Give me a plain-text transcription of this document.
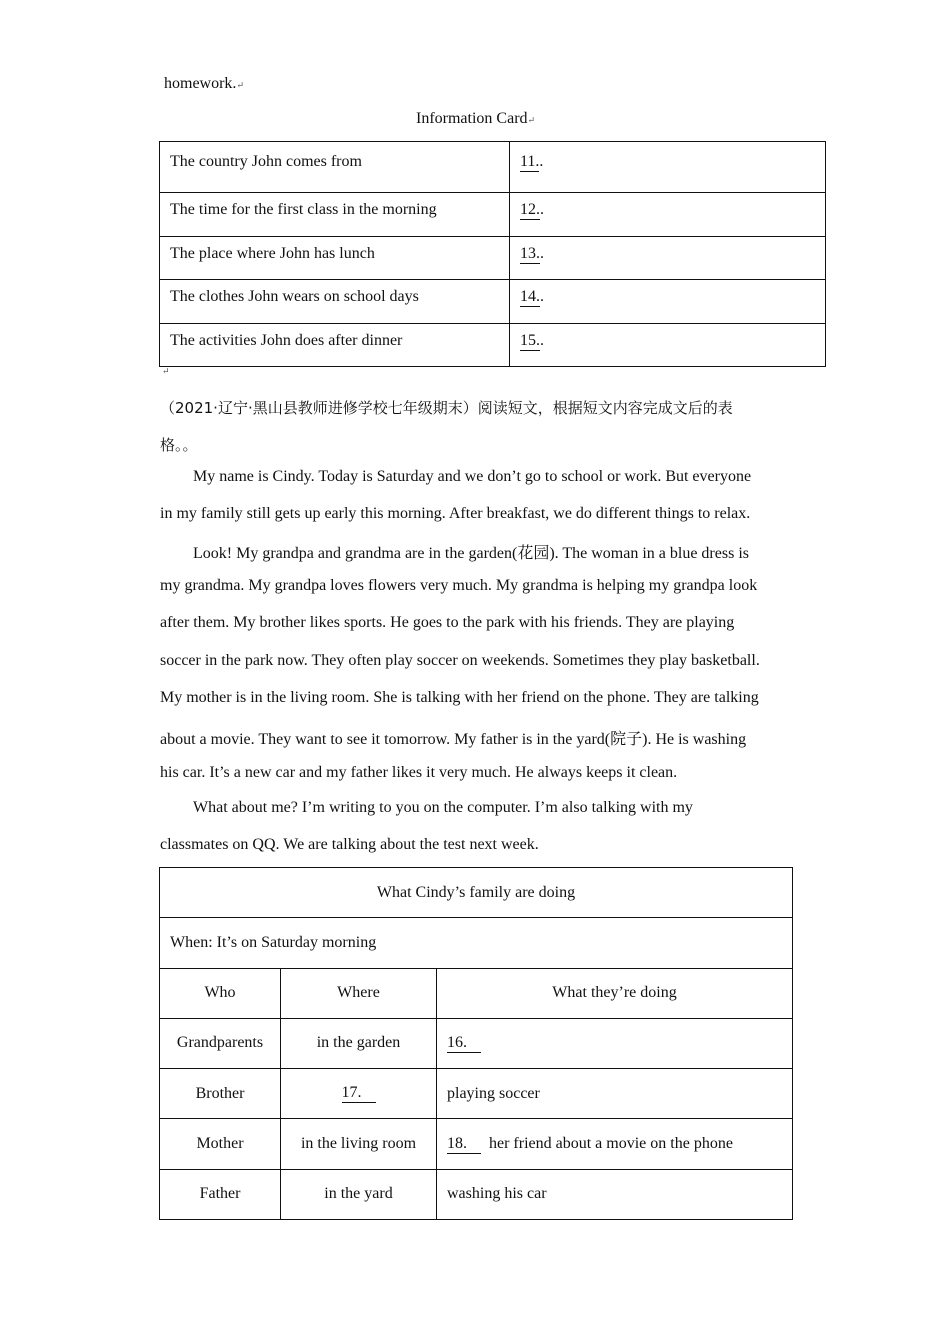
homework.↵
Information Card↵
The country John comes from	11..
The time for the first class in the morning	12..
The place where John has lunch	13..
The clothes John wears on school days	14..
The activities John does after dinner	15..
↵
（2021·辽宁·黑山县教师进修学校七年级期末）阅读短文，根据短文内容完成文后的表
格。。
My name is Cindy. Today is Saturday and we don’t go to school or work. But everyone
in my family still gets up early this morning. After breakfast, we do different things to relax.
Look! My grandpa and grandma are in the garden(花园). The woman in a blue dress is
my grandma. My grandpa loves flowers very much. My grandma is helping my grandpa look
after them. My brother likes sports. He goes to the park with his friends. They are playing
soccer in the park now. They often play soccer on weekends. Sometimes they play basketball.
My mother is in the living room. She is talking with her friend on the phone. They are talking
about a movie. They want to see it tomorrow. My father is in the yard(院子). He is washing
his car. It’s a new car and my father likes it very much. He always keeps it clean.
What about me? I’m writing to you on the computer. I’m also talking with my
classmates on QQ. We are talking about the test next week.
What Cindy’s family are doing		
When: It’s on Saturday morning		
Who	Where	What they’re doing
Grandparents	in the garden	16.
Brother	17.	playing soccer
Mother	in the living room	18. her friend about a movie on the phone
Father	in the yard	washing his car
